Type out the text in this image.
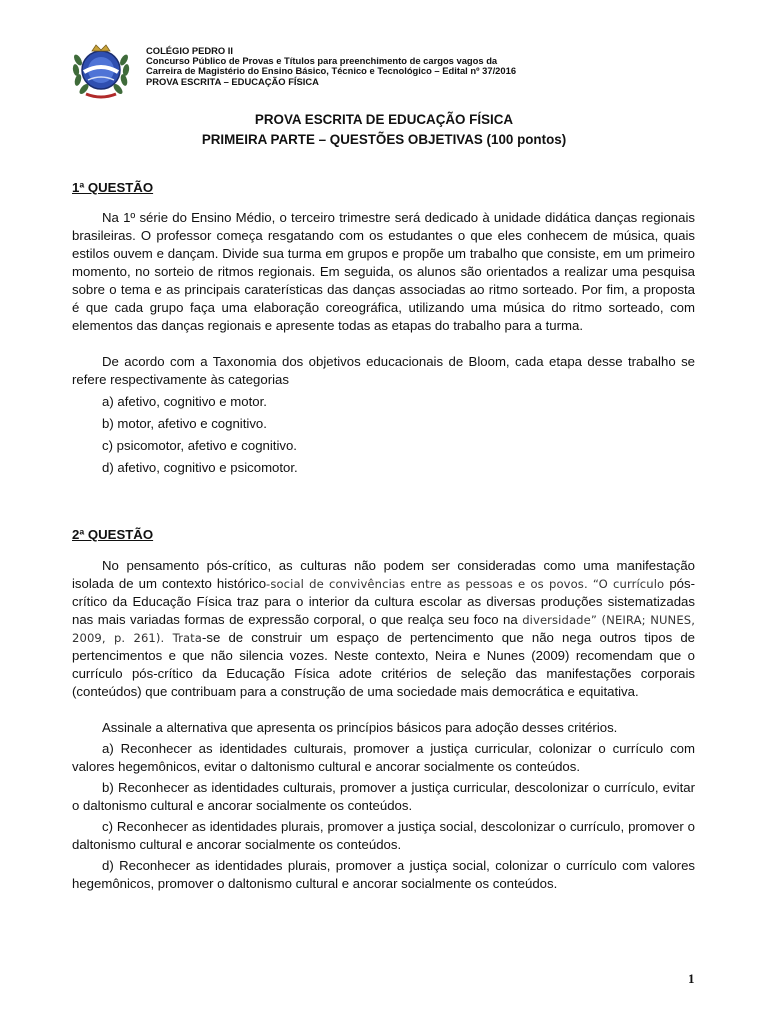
COLÉGIO PEDRO II
Concurso Público de Provas e Títulos para preenchimento de cargos vagos da
Carreira de Magistério do Ensino Básico, Técnico e Tecnológico – Edital nº 37/2016
PROVA ESCRITA – EDUCAÇÃO FÍSICA
PROVA ESCRITA DE EDUCAÇÃO FÍSICA
PRIMEIRA PARTE – QUESTÕES OBJETIVAS (100 pontos)
1ª QUESTÃO

Na 1º série do Ensino Médio, o terceiro trimestre será dedicado à unidade didática danças regionais brasileiras. O professor começa resgatando com os estudantes o que eles conhecem de música, quais estilos ouvem e dançam. Divide sua turma em grupos e propõe um trabalho que consiste, em um primeiro momento, no sorteio de ritmos regionais. Em seguida, os alunos são orientados a realizar uma pesquisa sobre o tema e as principais caraterísticas das danças associadas ao ritmo sorteado. Por fim, a proposta é que cada grupo faça uma elaboração coreográfica, utilizando uma música do ritmo sorteado, com elementos das danças regionais e apresente todas as etapas do trabalho para a turma.

De acordo com a Taxonomia dos objetivos educacionais de Bloom, cada etapa desse trabalho se refere respectivamente às categorias

a) afetivo, cognitivo e motor.
b) motor, afetivo e cognitivo.
c) psicomotor, afetivo e cognitivo.
d) afetivo, cognitivo e psicomotor.
2ª QUESTÃO

No pensamento pós-crítico, as culturas não podem ser consideradas como uma manifestação isolada de um contexto histórico-social de convivências entre as pessoas e os povos. “O currículo pós-crítico da Educação Física traz para o interior da cultura escolar as diversas produções sistematizadas nas mais variadas formas de expressão corporal, o que realça seu foco na diversidade” (NEIRA; NUNES, 2009, p. 261). Trata-se de construir um espaço de pertencimento que não nega outros tipos de pertencimentos e que não silencia vozes. Neste contexto, Neira e Nunes (2009) recomendam que o currículo pós-crítico da Educação Física adote critérios de seleção das manifestações corporais (conteúdos) que contribuam para a construção de uma sociedade mais democrática e equitativa.

Assinale a alternativa que apresenta os princípios básicos para adoção desses critérios.

a) Reconhecer as identidades culturais, promover a justiça curricular, colonizar o currículo com valores hegemônicos, evitar o daltonismo cultural e ancorar socialmente os conteúdos.

b) Reconhecer as identidades culturais, promover a justiça curricular, descolonizar o currículo, evitar o daltonismo cultural e ancorar socialmente os conteúdos.

c) Reconhecer as identidades plurais, promover a justiça social, descolonizar o currículo, promover o daltonismo cultural e ancorar socialmente os conteúdos.

d) Reconhecer as identidades plurais, promover a justiça social, colonizar o currículo com valores hegemônicos, promover o daltonismo cultural e ancorar socialmente os conteúdos.

1
